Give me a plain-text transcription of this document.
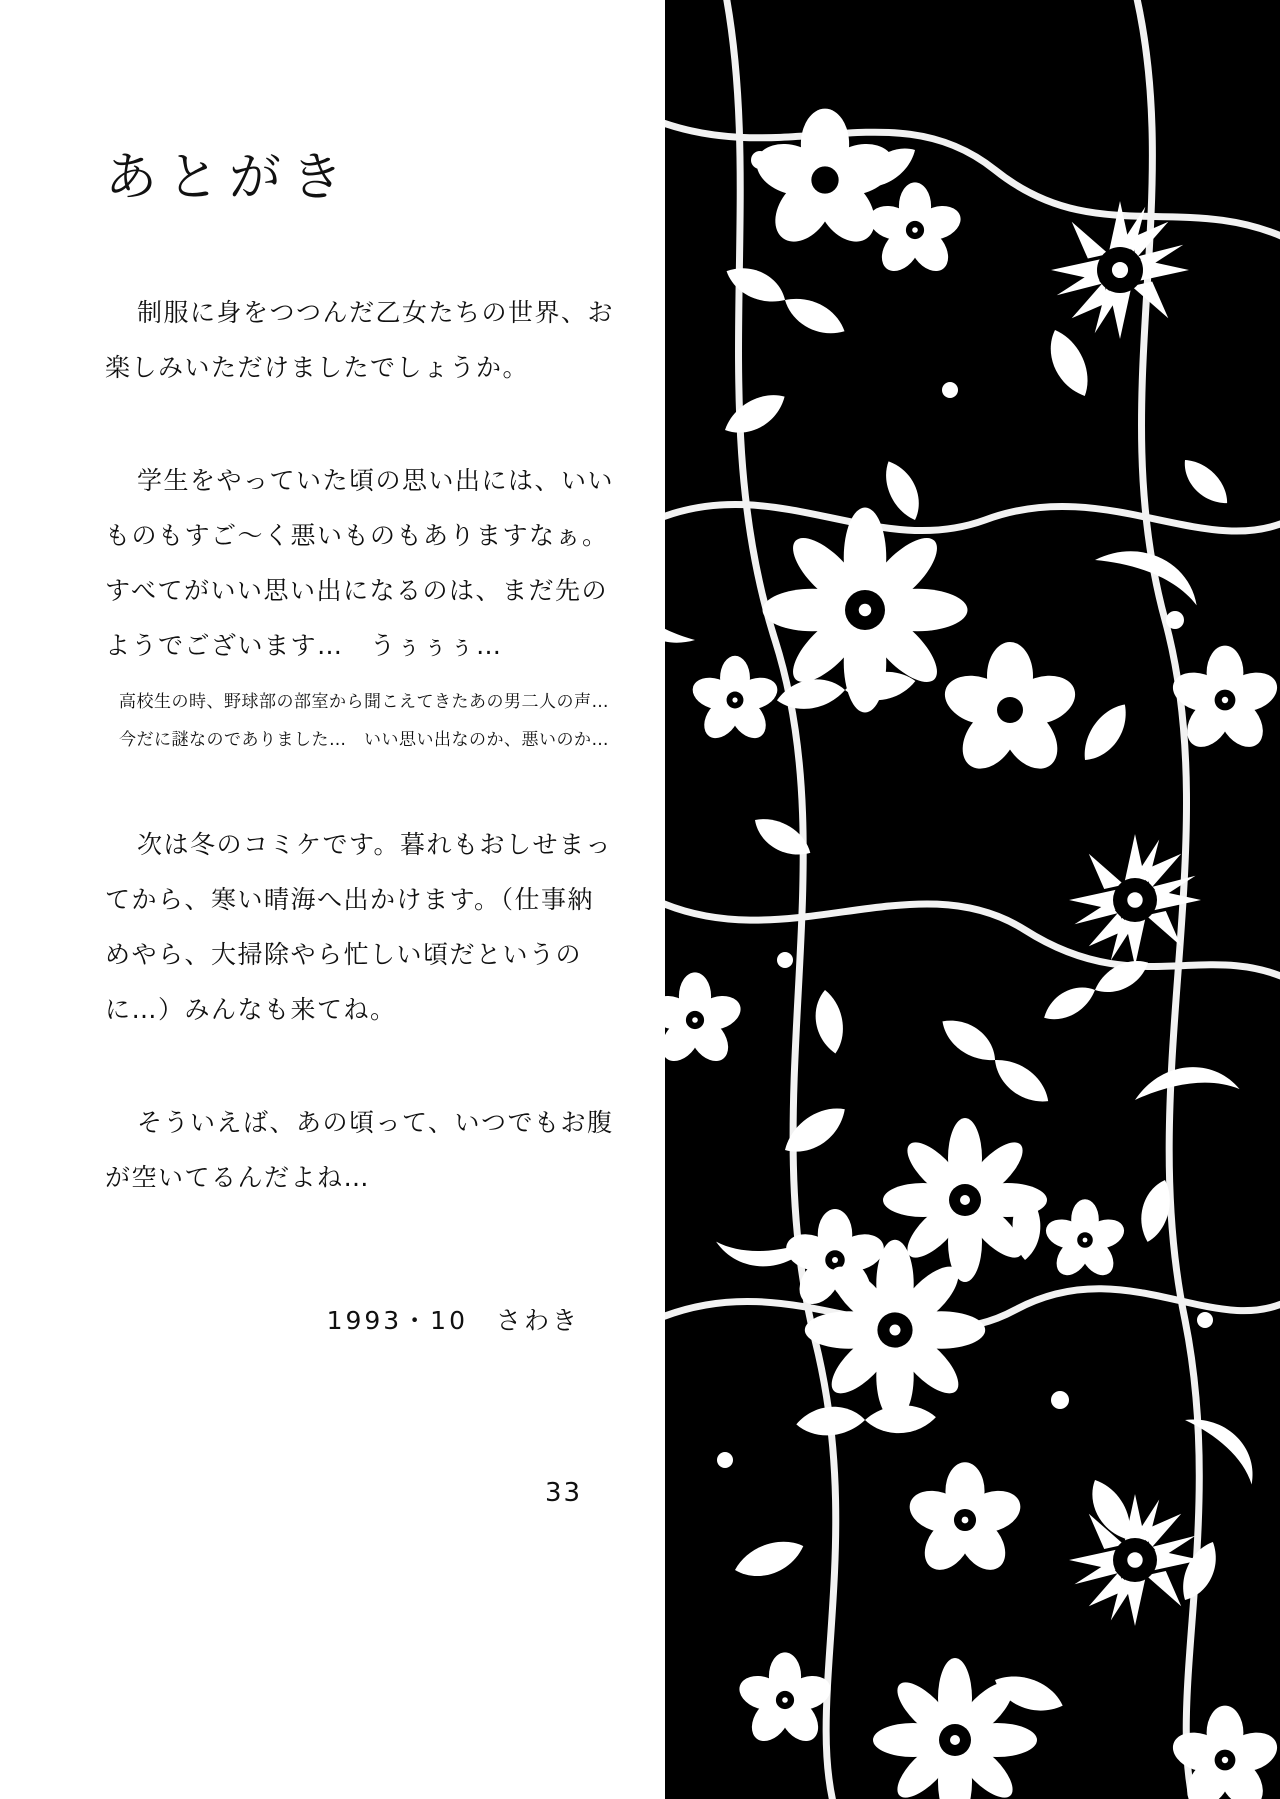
あとがき

制服に身をつつんだ乙女たちの世界、お楽しみいただけましたでしょうか。

学生をやっていた頃の思い出には、いいものもすご〜く悪いものもありますなぁ。すべてがいい思い出になるのは、まだ先のようでございます…　うぅぅぅ…

高校生の時、野球部の部室から聞こえてきたあの男二人の声…　今だに謎なのでありました…　いい思い出なのか、悪いのか…

次は冬のコミケです。暮れもおしせまってから、寒い晴海へ出かけます。（仕事納めやら、大掃除やら忙しい頃だというのに…）みんなも来てね。

そういえば、あの頃って、いつでもお腹が空いてるんだよね…

1993・10　さわき
33
